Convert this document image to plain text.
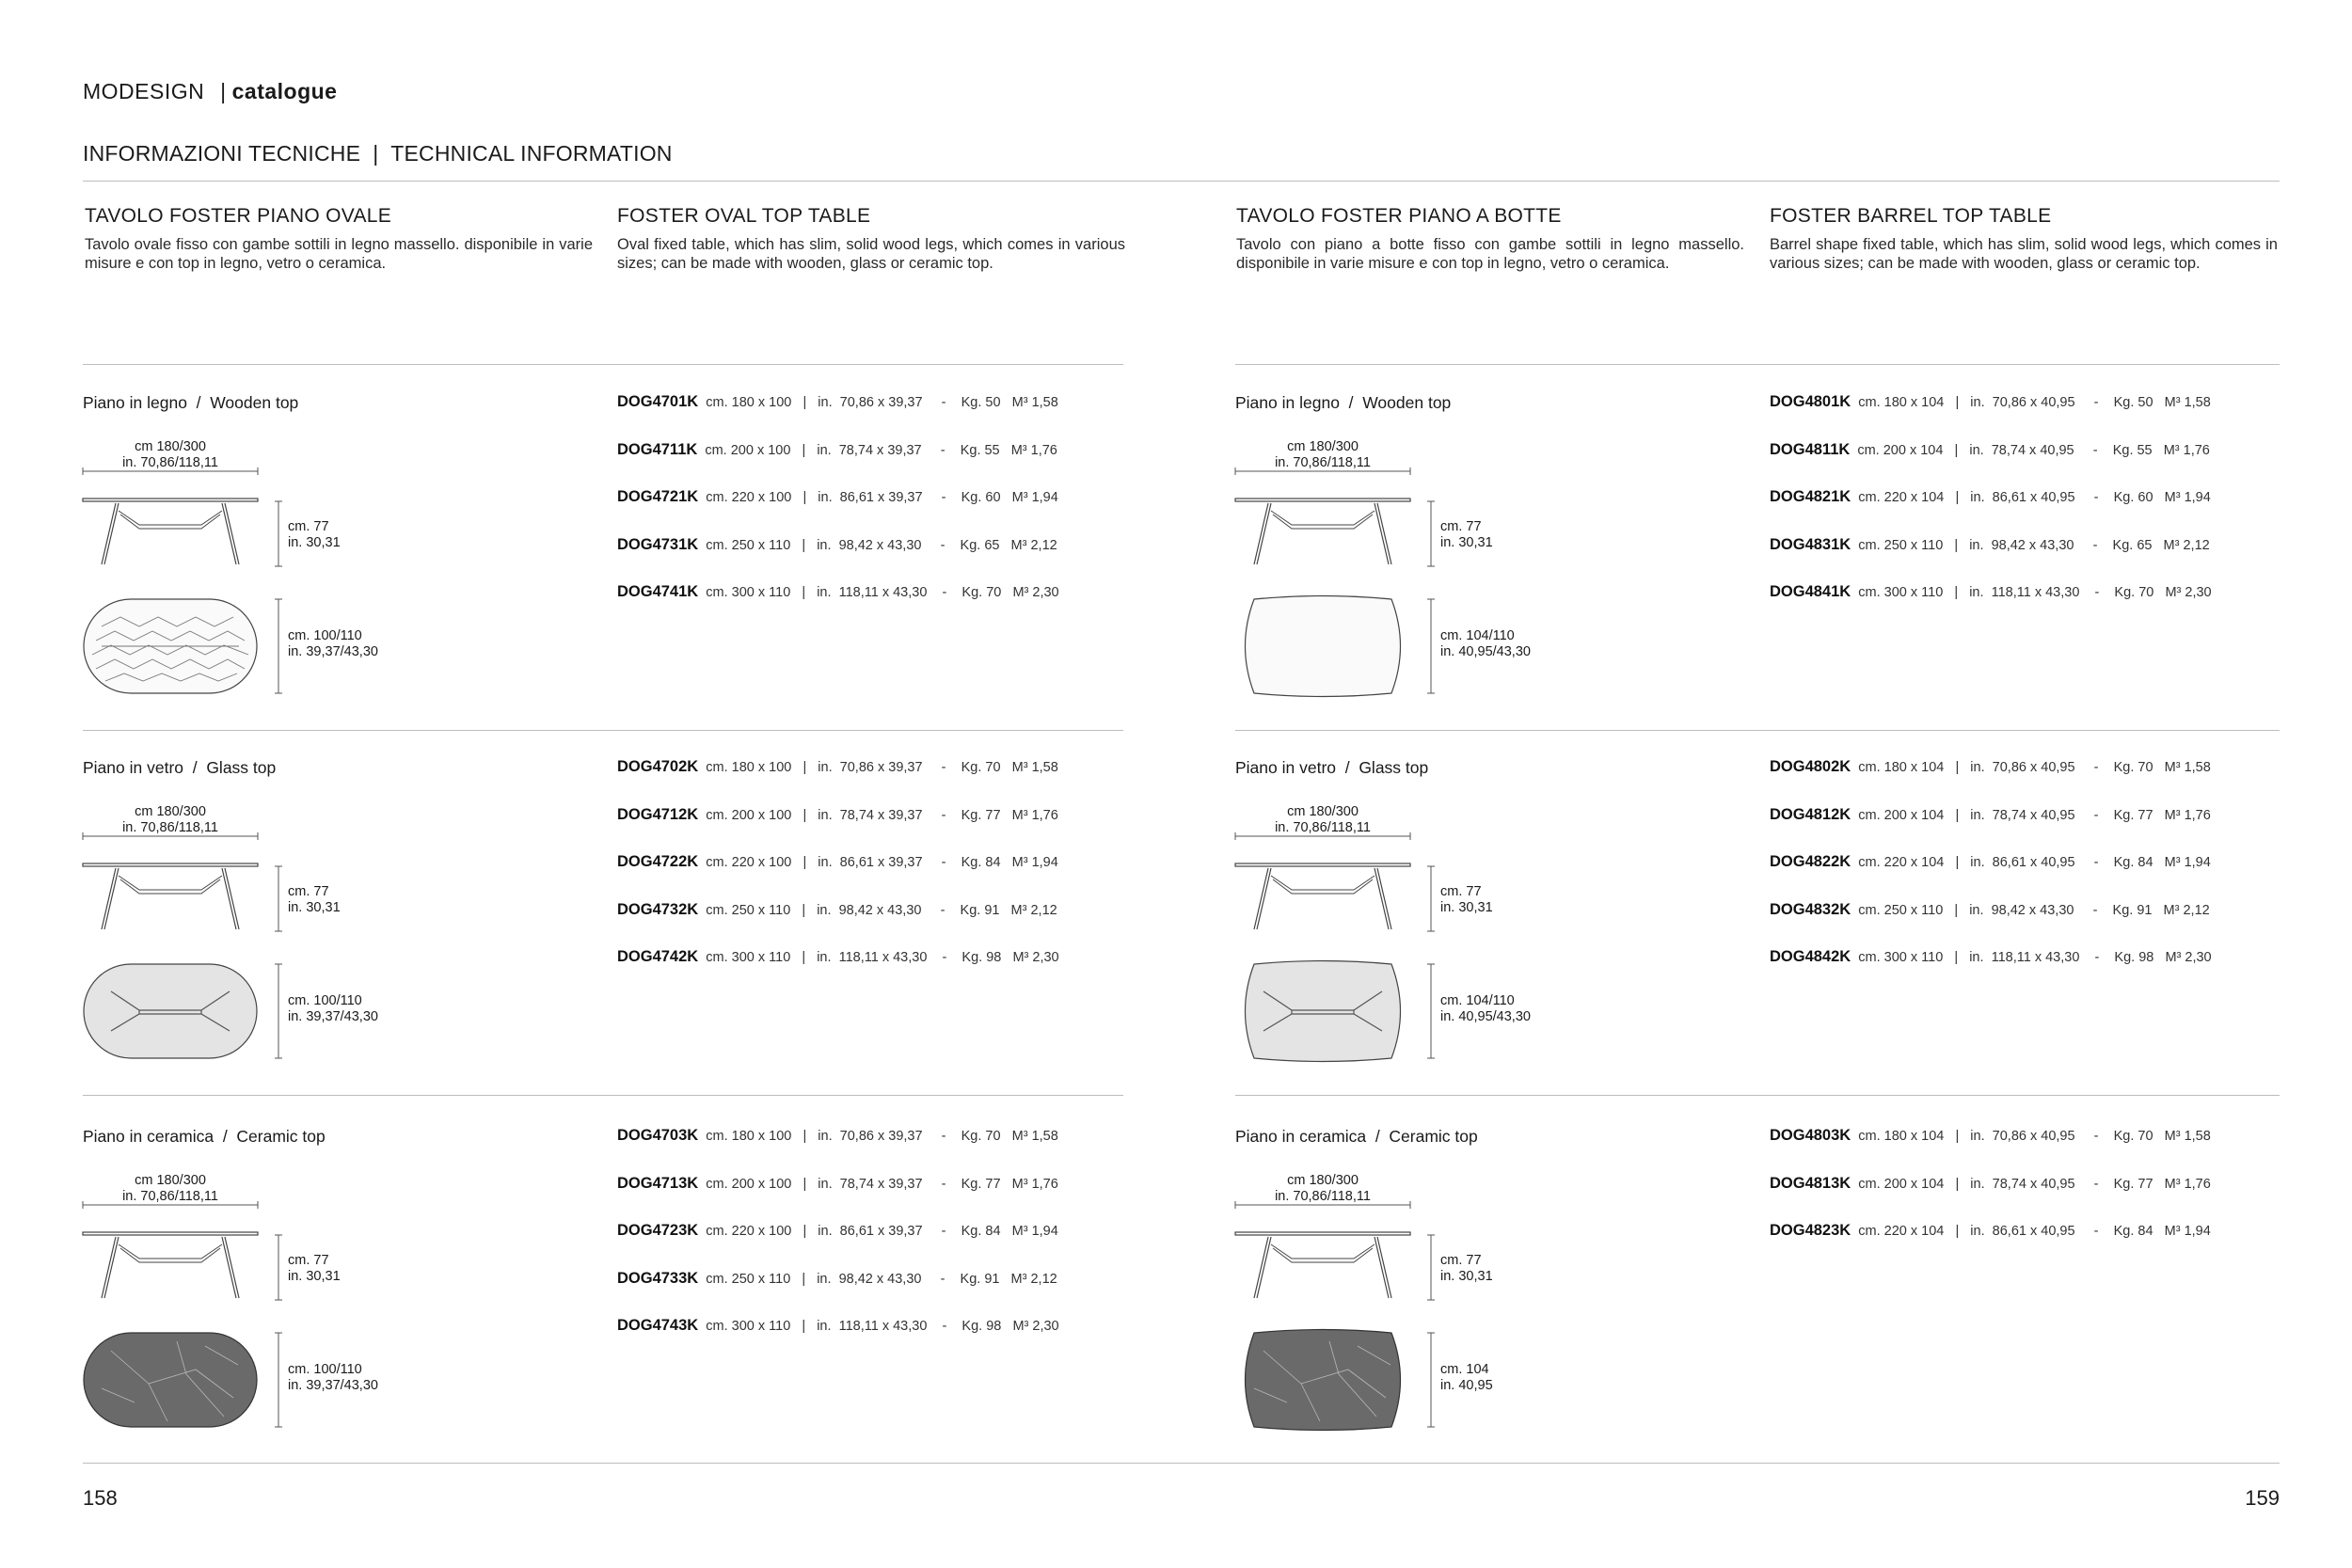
MODESIGN | catalogue
INFORMAZIONI TECNICHE  |  TECHNICAL INFORMATION
TAVOLO FOSTER PIANO OVALE
Tavolo ovale fisso con gambe sottili in legno massello. disponibile in varie misure e con top in legno, vetro o ceramica.
FOSTER OVAL TOP TABLE
Oval fixed table, which has slim, solid wood legs, which comes in various sizes; can be made with wooden, glass or ceramic top.
TAVOLO FOSTER PIANO A BOTTE
Tavolo con piano a botte fisso con gambe sottili in legno massello. disponibile in varie misure e con top in legno, vetro o ceramica.
FOSTER BARREL TOP TABLE
Barrel shape fixed table, which has slim, solid wood legs, which comes in various sizes; can be made with wooden, glass or ceramic top.
Piano in legno  /  Wooden top
cm 180/300
in. 70,86/118,11
cm. 77
in. 30,31
cm. 100/110
in. 39,37/43,30
DOG4701K  cm. 180 x 100   |   in.  70,86 x 39,37     -    Kg. 50   M³ 1,58
DOG4711K  cm. 200 x 100   |   in.  78,74 x 39,37     -    Kg. 55   M³ 1,76
DOG4721K  cm. 220 x 100   |   in.  86,61 x 39,37     -    Kg. 60   M³ 1,94
DOG4731K  cm. 250 x 110   |   in.  98,42 x 43,30     -    Kg. 65   M³ 2,12
DOG4741K  cm. 300 x 110   |   in.  118,11 x 43,30    -    Kg. 70   M³ 2,30
Piano in vetro  /  Glass top
cm 180/300
in. 70,86/118,11
cm. 77
in. 30,31
cm. 100/110
in. 39,37/43,30
DOG4702K  cm. 180 x 100   |   in.  70,86 x 39,37     -    Kg. 70   M³ 1,58
DOG4712K  cm. 200 x 100   |   in.  78,74 x 39,37     -    Kg. 77   M³ 1,76
DOG4722K  cm. 220 x 100   |   in.  86,61 x 39,37     -    Kg. 84   M³ 1,94
DOG4732K  cm. 250 x 110   |   in.  98,42 x 43,30     -    Kg. 91   M³ 2,12
DOG4742K  cm. 300 x 110   |   in.  118,11 x 43,30    -    Kg. 98   M³ 2,30
Piano in ceramica  /  Ceramic top
cm 180/300
in. 70,86/118,11
cm. 77
in. 30,31
cm. 100/110
in. 39,37/43,30
DOG4703K  cm. 180 x 100   |   in.  70,86 x 39,37     -    Kg. 70   M³ 1,58
DOG4713K  cm. 200 x 100   |   in.  78,74 x 39,37     -    Kg. 77   M³ 1,76
DOG4723K  cm. 220 x 100   |   in.  86,61 x 39,37     -    Kg. 84   M³ 1,94
DOG4733K  cm. 250 x 110   |   in.  98,42 x 43,30     -    Kg. 91   M³ 2,12
DOG4743K  cm. 300 x 110   |   in.  118,11 x 43,30    -    Kg. 98   M³ 2,30
Piano in legno  /  Wooden top
cm 180/300
in. 70,86/118,11
cm. 77
in. 30,31
cm. 104/110
in. 40,95/43,30
DOG4801K  cm. 180 x 104   |   in.  70,86 x 40,95     -    Kg. 50   M³ 1,58
DOG4811K  cm. 200 x 104   |   in.  78,74 x 40,95     -    Kg. 55   M³ 1,76
DOG4821K  cm. 220 x 104   |   in.  86,61 x 40,95     -    Kg. 60   M³ 1,94
DOG4831K  cm. 250 x 110   |   in.  98,42 x 43,30     -    Kg. 65   M³ 2,12
DOG4841K  cm. 300 x 110   |   in.  118,11 x 43,30    -    Kg. 70   M³ 2,30
Piano in vetro  /  Glass top
cm 180/300
in. 70,86/118,11
cm. 77
in. 30,31
cm. 104/110
in. 40,95/43,30
DOG4802K  cm. 180 x 104   |   in.  70,86 x 40,95     -    Kg. 70   M³ 1,58
DOG4812K  cm. 200 x 104   |   in.  78,74 x 40,95     -    Kg. 77   M³ 1,76
DOG4822K  cm. 220 x 104   |   in.  86,61 x 40,95     -    Kg. 84   M³ 1,94
DOG4832K  cm. 250 x 110   |   in.  98,42 x 43,30     -    Kg. 91   M³ 2,12
DOG4842K  cm. 300 x 110   |   in.  118,11 x 43,30    -    Kg. 98   M³ 2,30
Piano in ceramica  /  Ceramic top
cm 180/300
in. 70,86/118,11
cm. 77
in. 30,31
cm. 104
in. 40,95
DOG4803K  cm. 180 x 104   |   in.  70,86 x 40,95     -    Kg. 70   M³ 1,58
DOG4813K  cm. 200 x 104   |   in.  78,74 x 40,95     -    Kg. 77   M³ 1,76
DOG4823K  cm. 220 x 104   |   in.  86,61 x 40,95     -    Kg. 84   M³ 1,94
158	159
